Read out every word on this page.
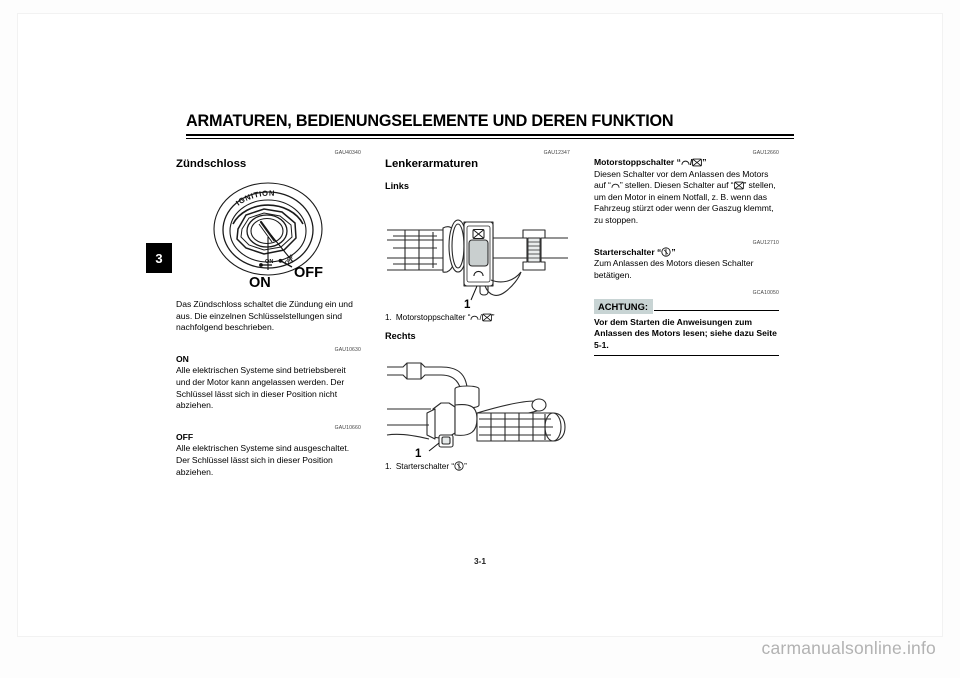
ARMATUREN, BEDIENUNGSELEMENTE UND DEREN FUNKTION
3
GAU40340
Zündschloss
IGNITION
ON OFF
ON
OFF

Das Zündschloss schaltet die Zündung ein und aus. Die einzelnen Schlüsselstellungen sind nachfolgend beschrieben.

GAU10630
ON

Alle elektrischen Systeme sind betriebsbereit und der Motor kann angelassen werden. Der Schlüssel lässt sich in dieser Position nicht abziehen.

GAU10660
OFF

Alle elektrischen Systeme sind ausgeschaltet. Der Schlüssel lässt sich in dieser Position abziehen.

GAU12347
Lenkerarmaturen
Links
1

1. Motorstoppschalter “ / ”

Rechts
1

1. Starterschalter “ ”

GAU12660
Motorstoppschalter “ / ”

Diesen Schalter vor dem Anlassen des Motors auf “ ” stellen. Diesen Schalter auf “ ” stellen, um den Motor in einem Notfall, z. B. wenn das Fahrzeug stürzt oder wenn der Gaszug klemmt, zu stoppen.

GAU12710
Starterschalter “ ”

Zum Anlassen des Motors diesen Schalter betätigen.

GCA10050
ACHTUNG:
Vor dem Starten die Anweisungen zum Anlassen des Motors lesen; siehe dazu Seite 5-1.
3-1
carmanualsonline.info
